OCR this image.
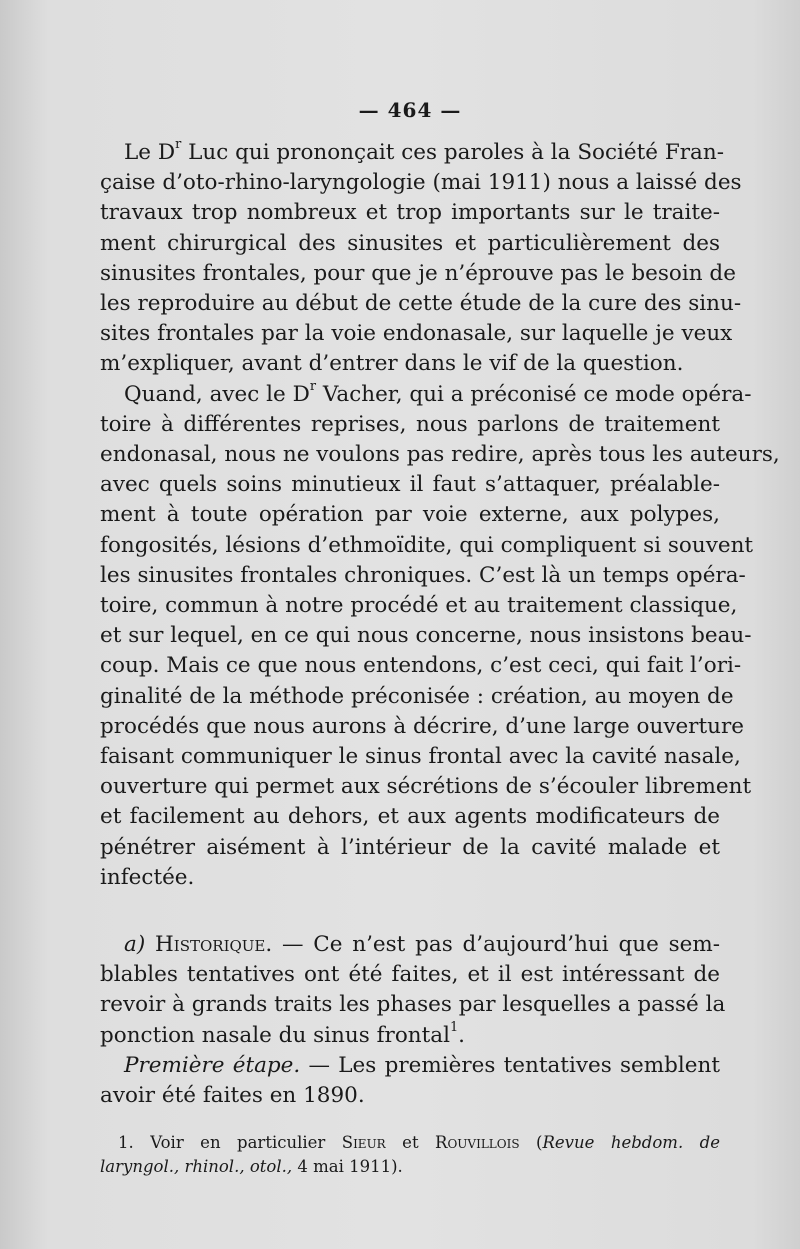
— 464 —
Le $D^r$ Luc qui prononçait ces paroles à la Société Fran-
çaise d’oto-rhino-laryngologie (mai 1911) nous a laissé des
travaux trop nombreux et trop importants sur le traite-
ment chirurgical des sinusites et particulièrement des
sinusites frontales, pour que je n’éprouve pas le besoin de
les reproduire au début de cette étude de la cure des sinu-
sites frontales par la voie endonasale, sur laquelle je veux
m’expliquer, avant d’entrer dans le vif de la question.
Quand, avec le $D^r$ Vacher, qui a préconisé ce mode opéra-
toire à différentes reprises, nous parlons de traitement
endonasal, nous ne voulons pas redire, après tous les auteurs,
avec quels soins minutieux il faut s’attaquer, préalable-
ment à toute opération par voie externe, aux polypes,
fongosités, lésions d’ethmoïdite, qui compliquent si souvent
les sinusites frontales chroniques. C’est là un temps opéra-
toire, commun à notre procédé et au traitement classique,
et sur lequel, en ce qui nous concerne, nous insistons beau-
coup. Mais ce que nous entendons, c’est ceci, qui fait l’ori-
ginalité de la méthode préconisée : création, au moyen de
procédés que nous aurons à décrire, d’une large ouverture
faisant communiquer le sinus frontal avec la cavité nasale,
ouverture qui permet aux sécrétions de s’écouler librement
et facilement au dehors, et aux agents modificateurs de
pénétrer aisément à l’intérieur de la cavité malade et
infectée.
a) Historique. — Ce n’est pas d’aujourd’hui que sem-
blables tentatives ont été faites, et il est intéressant de
revoir à grands traits les phases par lesquelles a passé la
ponction nasale du sinus frontal$^1$.
Première étape. — Les premières tentatives semblent
avoir été faites en 1890.
1. Voir en particulier Sieur et Rouvillois (Revue hebdom. de
laryngol., rhinol., otol., 4 mai 1911).
